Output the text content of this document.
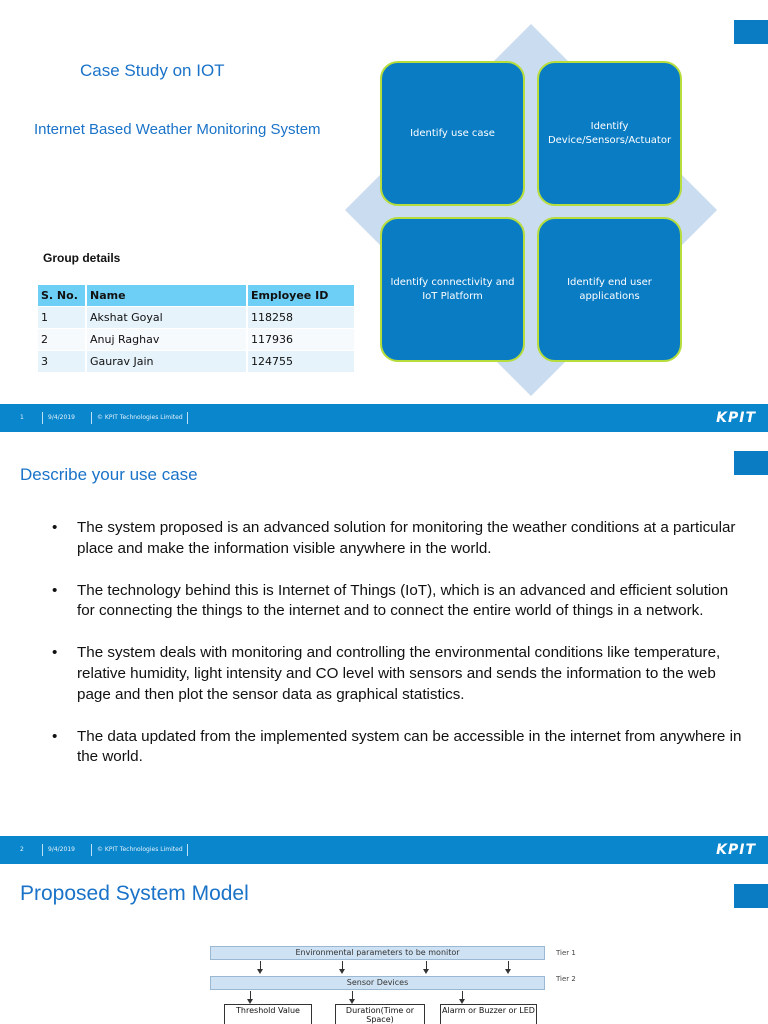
Case Study on IOT
Internet Based Weather Monitoring System
Group details
S. No.	Name	Employee ID
1	Akshat Goyal	118258
2	Anuj Raghav	117936
3	Gaurav Jain	124755
Identify use case
Identify Device/Sensors/Actuator
Identify connectivity and IoT Platform
Identify end user applications
1	9/4/2019	© KPIT Technologies Limited	KPIT
Describe your use case
• The system proposed is an advanced solution for monitoring the weather conditions at a particular place and make the information visible anywhere in the world.
• The technology behind this is Internet of Things (IoT), which is an advanced and efficient solution for connecting the things to the internet and to connect the entire world of things in a network.
• The system deals with monitoring and controlling the environmental conditions like temperature, relative humidity, light intensity and CO level with sensors and sends the information to the web page and then plot the sensor data as graphical statistics.
• The data updated from the implemented system can be accessible in the internet from anywhere in the world.
2	9/4/2019	© KPIT Technologies Limited	KPIT
Proposed System Model
Environmental parameters to be monitor	Tier 1
Sensor Devices	Tier 2
Threshold Value	Duration(Time or Space)
Alarm or Buzzer or LED
